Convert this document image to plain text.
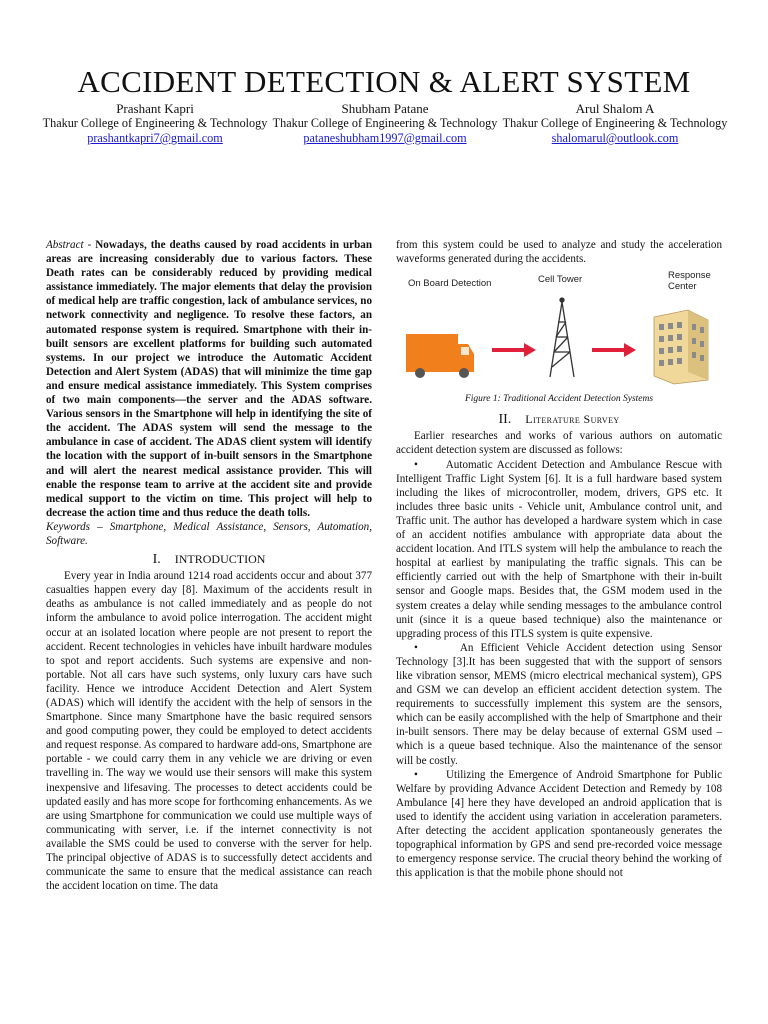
ACCIDENT DETECTION & ALERT SYSTEM
Prashant Kapri
Thakur College of Engineering & Technology
prashantkapri7@gmail.com
Shubham Patane
Thakur College of Engineering & Technology
pataneshubham1997@gmail.com
Arul Shalom A
Thakur College of Engineering & Technology
shalomarul@outlook.com

Abstract - Nowadays, the deaths caused by road accidents in urban areas are increasing considerably due to various factors. These Death rates can be considerably reduced by providing medical assistance immediately. The major elements that delay the provision of medical help are traffic congestion, lack of ambulance services, no network connectivity and negligence. To resolve these factors, an automated response system is required. Smartphone with their in-built sensors are excellent platforms for building such automated systems. In our project we introduce the Automatic Accident Detection and Alert System (ADAS) that will minimize the time gap and ensure medical assistance immediately. This System comprises of two main components—the server and the ADAS software. Various sensors in the Smartphone will help in identifying the site of the accident. The ADAS system will send the message to the ambulance in case of accident. The ADAS client system will identify the location with the support of in-built sensors in the Smartphone and will alert the nearest medical assistance provider. This will enable the response team to arrive at the accident site and provide medical support to the victim on time. This project will help to decrease the action time and thus reduce the death tolls.

Keywords – Smartphone, Medical Assistance, Sensors, Automation, Software.

I. INTRODUCTION

Every year in India around 1214 road accidents occur and about 377 casualties happen every day [8]. Maximum of the accidents result in deaths as ambulance is not called immediately and as people do not inform the ambulance to avoid police interrogation. The accident might occur at an isolated location where people are not present to report the accident. Recent technologies in vehicles have inbuilt hardware modules to spot and report accidents. Such systems are expensive and non-portable. Not all cars have such systems, only luxury cars have such facility. Hence we introduce Accident Detection and Alert System (ADAS) which will identify the accident with the help of sensors in the Smartphone. Since many Smartphone have the basic required sensors and good computing power, they could be employed to detect accidents and request response. As compared to hardware add-ons, Smartphone are portable - we could carry them in any vehicle we are driving or even travelling in. The way we would use their sensors will make this system inexpensive and lifesaving. The processes to detect accidents could be updated easily and has more scope for forthcoming enhancements. As we are using Smartphone for communication we could use multiple ways of communicating with server, i.e. if the internet connectivity is not available the SMS could be used to converse with the server for help. The principal objective of ADAS is to successfully detect accidents and communicate the same to ensure that the medical assistance can reach the accident location on time. The data

from this system could be used to analyze and study the acceleration waveforms generated during the accidents.

On Board Detection	Cell Tower	Response Center
Figure 1: Traditional Accident Detection Systems
II. Literature Survey

Earlier researches and works of various authors on automatic accident detection system are discussed as follows:

•	Automatic Accident Detection and Ambulance Rescue with Intelligent Traffic Light System [6]. It is a full hardware based system including the likes of microcontroller, modem, drivers, GPS etc. It includes three basic units - Vehicle unit, Ambulance control unit, and Traffic unit. The author has developed a hardware system which in case of an accident notifies ambulance with appropriate data about the accident location. And ITLS system will help the ambulance to reach the hospital at earliest by manipulating the traffic signals. This can be efficiently carried out with the help of Smartphone with their in-built sensor and Google maps. Besides that, the GSM modem used in the system creates a delay while sending messages to the ambulance control unit (since it is a queue based technique) also the maintenance or upgrading process of this ITLS system is quite expensive.

•	An Efficient Vehicle Accident detection using Sensor Technology [3].It has been suggested that with the support of sensors like vibration sensor, MEMS (micro electrical mechanical system), GPS and GSM we can develop an efficient accident detection system. The requirements to successfully implement this system are the sensors, which can be easily accomplished with the help of Smartphone and their in-built sensors. There may be delay because of external GSM used – which is a queue based technique. Also the maintenance of the sensor will be costly.

•	Utilizing the Emergence of Android Smartphone for Public Welfare by providing Advance Accident Detection and Remedy by 108 Ambulance [4] here they have developed an android application that is used to identify the accident using variation in acceleration parameters. After detecting the accident application spontaneously generates the topographical information by GPS and send pre-recorded voice message to emergency response service. The crucial theory behind the working of this application is that the mobile phone should not
